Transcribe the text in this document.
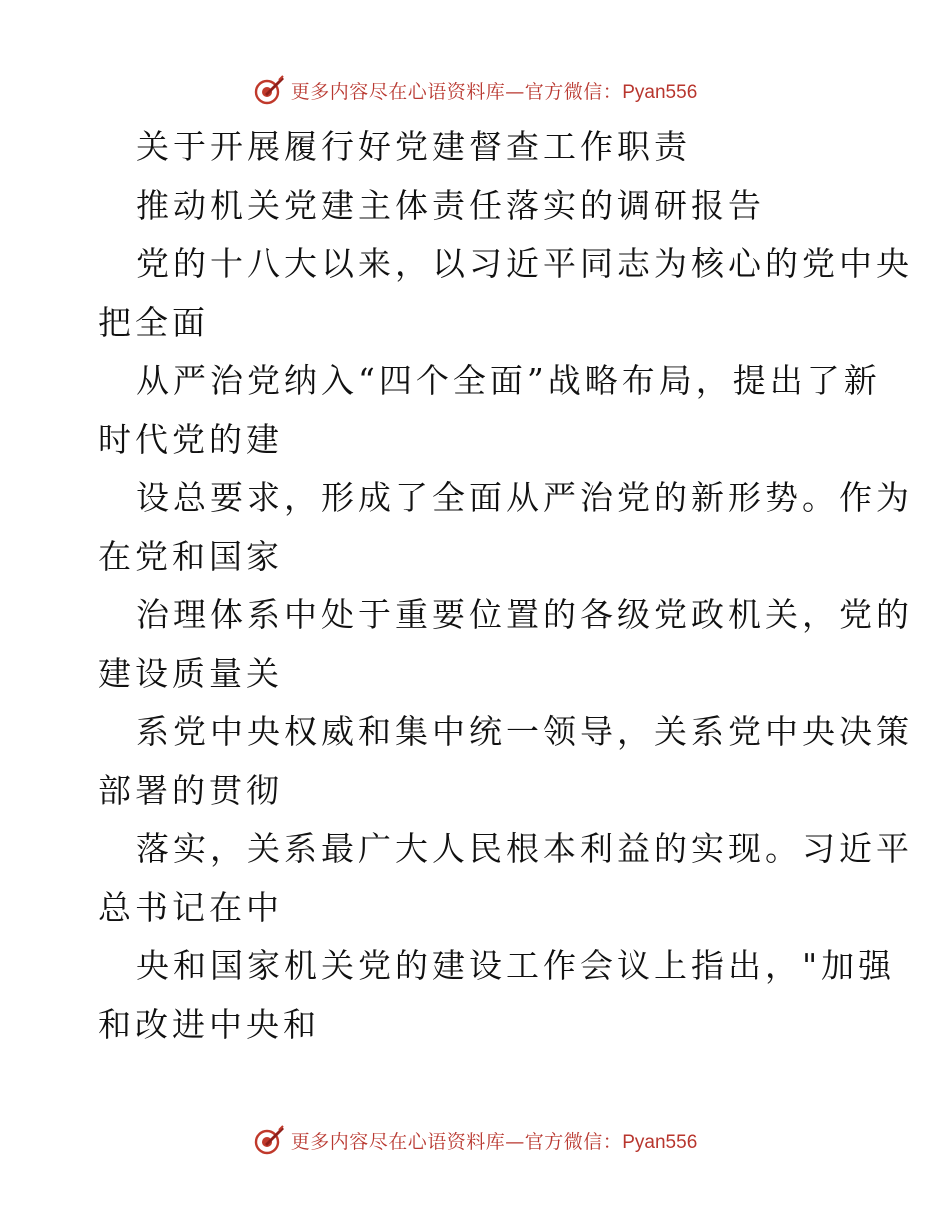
更多内容尽在心语资料库—官方微信：Pyan556
关于开展履行好党建督查工作职责
推动机关党建主体责任落实的调研报告
党的十八大以来，以习近平同志为核心的党中央
把全面
从严治党纳入“四个全面”战略布局，提出了新
时代党的建
设总要求，形成了全面从严治党的新形势。作为
在党和国家
治理体系中处于重要位置的各级党政机关，党的
建设质量关
系党中央权威和集中统一领导，关系党中央决策
部署的贯彻
落实，关系最广大人民根本利益的实现。习近平
总书记在中
央和国家机关党的建设工作会议上指出，"加强
和改进中央和
更多内容尽在心语资料库—官方微信：Pyan556
